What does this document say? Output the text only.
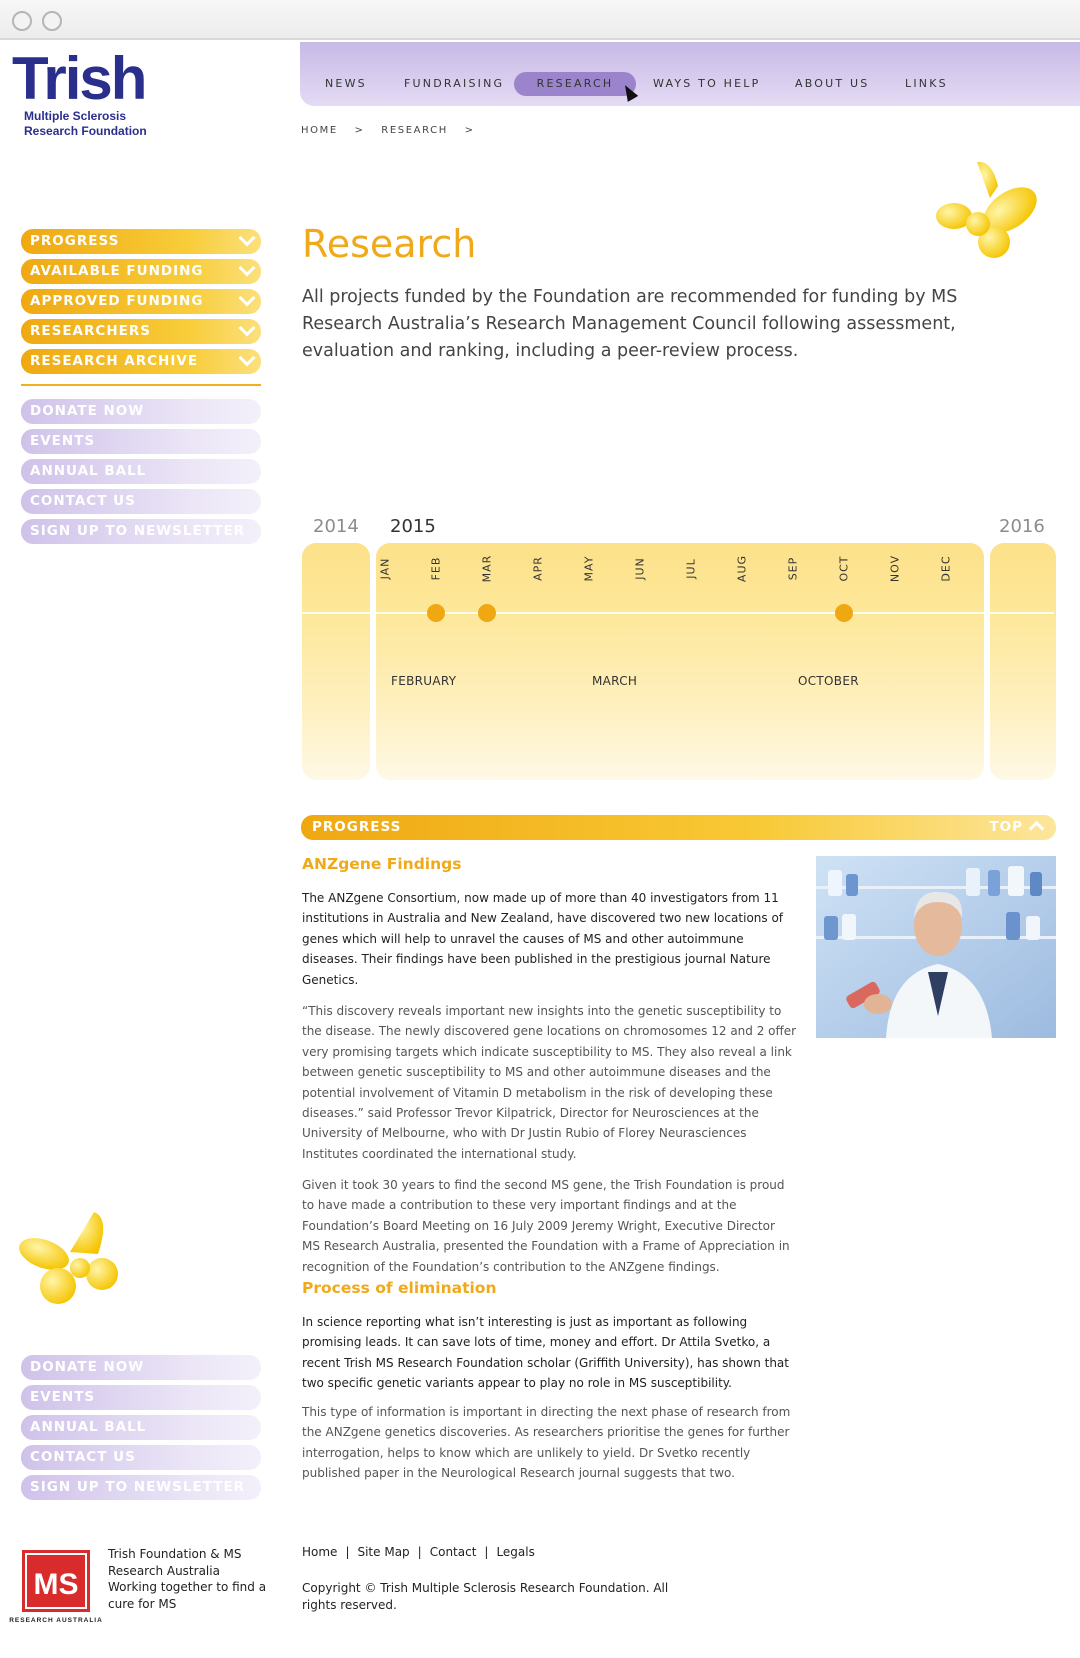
Trish
Multiple Sclerosis
Research Foundation
NEWS	FUNDRAISING	RESEARCH	WAYS TO HELP	ABOUT US	LINKS
HOME > RESEARCH >
PROGRESS
AVAILABLE FUNDING
APPROVED FUNDING
RESEARCHERS
RESEARCH ARCHIVE
DONATE NOW
EVENTS
ANNUAL BALL
CONTACT US
SIGN UP TO NEWSLETTER
Research

All projects funded by the Foundation are recommended for funding by MS Research Australia’s Research Management Council following assessment, evaluation and ranking, including a peer-review process.

2014 2015	2016
JAN	FEB	MAR	APR	MAY	JUN	JUL	AUG	SEP	OCT	NOV	DEC
FEBRUARY	MARCH	OCTOBER
PROGRESS	TOP
ANZgene Findings

The ANZgene Consortium, now made up of more than 40 investigators from 11 institutions in Australia and New Zealand, have discovered two new locations of genes which will help to unravel the causes of MS and other autoimmune diseases. Their findings have been published in the prestigious journal Nature Genetics.

“This discovery reveals important new insights into the genetic susceptibility to the disease. The newly discovered gene locations on chromosomes 12 and 2 offer very promising targets which indicate susceptibility to MS. They also reveal a link between genetic susceptibility to MS and other autoimmune diseases and the potential involvement of Vitamin D metabolism in the risk of developing these diseases.” said Professor Trevor Kilpatrick, Director for Neurosciences at the University of Melbourne, who with Dr Justin Rubio of Florey Neurasciences Institutes coordinated the international study.

Given it took 30 years to find the second MS gene, the Trish Foundation is proud to have made a contribution to these very important findings and at the Foundation’s Board Meeting on 16 July 2009 Jeremy Wright, Executive Director MS Research Australia, presented the Foundation with a Frame of Appreciation in recognition of the Foundation’s contribution to the ANZgene findings.

Process of elimination

In science reporting what isn’t interesting is just as important as following promising leads. It can save lots of time, money and effort. Dr Attila Svetko, a recent Trish MS Research Foundation scholar (Griffith University), has shown that two specific genetic variants appear to play no role in MS susceptibility.

This type of information is important in directing the next phase of research from the ANZgene genetics discoveries. As researchers prioritise the genes for further interrogation, helps to know which are unlikely to yield. Dr Svetko recently published paper in the Neurological Research journal suggests that two.

DONATE NOW
EVENTS
ANNUAL BALL
CONTACT US
SIGN UP TO NEWSLETTER
MS
RESEARCH AUSTRALIA
Trish Foundation & MS Research Australia Working together to find a cure for MS
Home | Site Map | Contact | Legals
Copyright © Trish Multiple Sclerosis Research Foundation. All rights reserved.
